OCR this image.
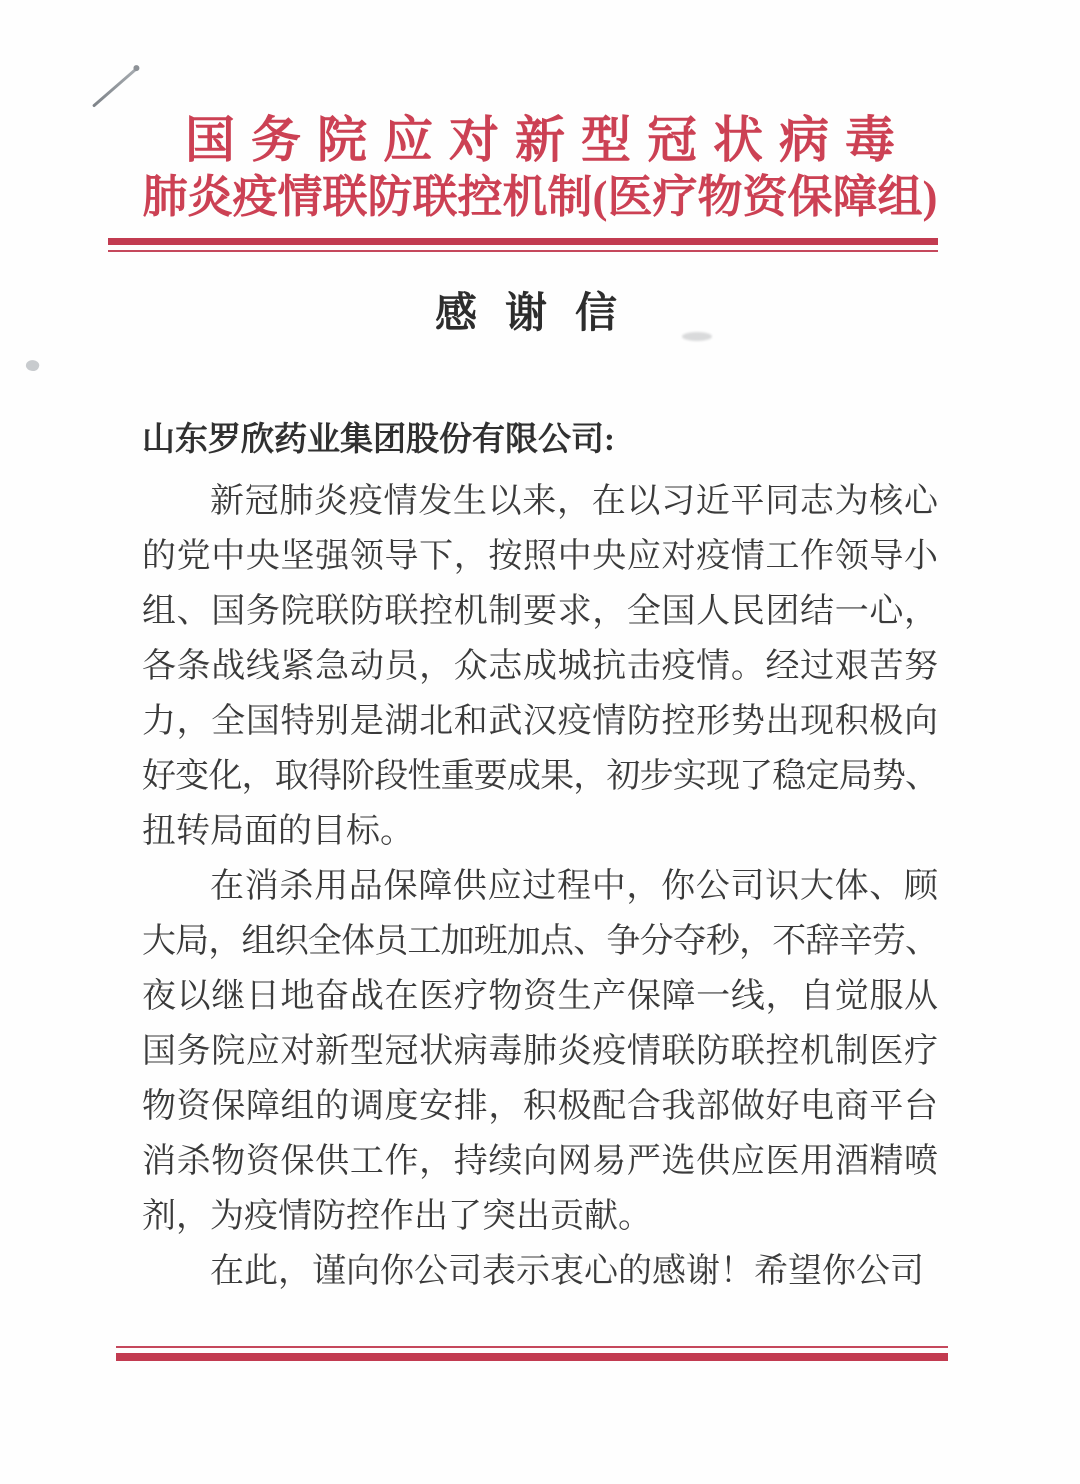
国务院应对新型冠状病毒
肺炎疫情联防联控机制(医疗物资保障组)
感谢信
山东罗欣药业集团股份有限公司:
新冠肺炎疫情发生以来，在以习近平同志为核心
的党中央坚强领导下，按照中央应对疫情工作领导小
组、国务院联防联控机制要求，全国人民团结一心，
各条战线紧急动员，众志成城抗击疫情。经过艰苦努
力，全国特别是湖北和武汉疫情防控形势出现积极向
好变化，取得阶段性重要成果，初步实现了稳定局势、
扭转局面的目标。
在消杀用品保障供应过程中，你公司识大体、顾
大局，组织全体员工加班加点、争分夺秒，不辞辛劳、
夜以继日地奋战在医疗物资生产保障一线，自觉服从
国务院应对新型冠状病毒肺炎疫情联防联控机制医疗
物资保障组的调度安排，积极配合我部做好电商平台
消杀物资保供工作，持续向网易严选供应医用酒精喷
剂，为疫情防控作出了突出贡献。
在此，谨向你公司表示衷心的感谢！希望你公司
